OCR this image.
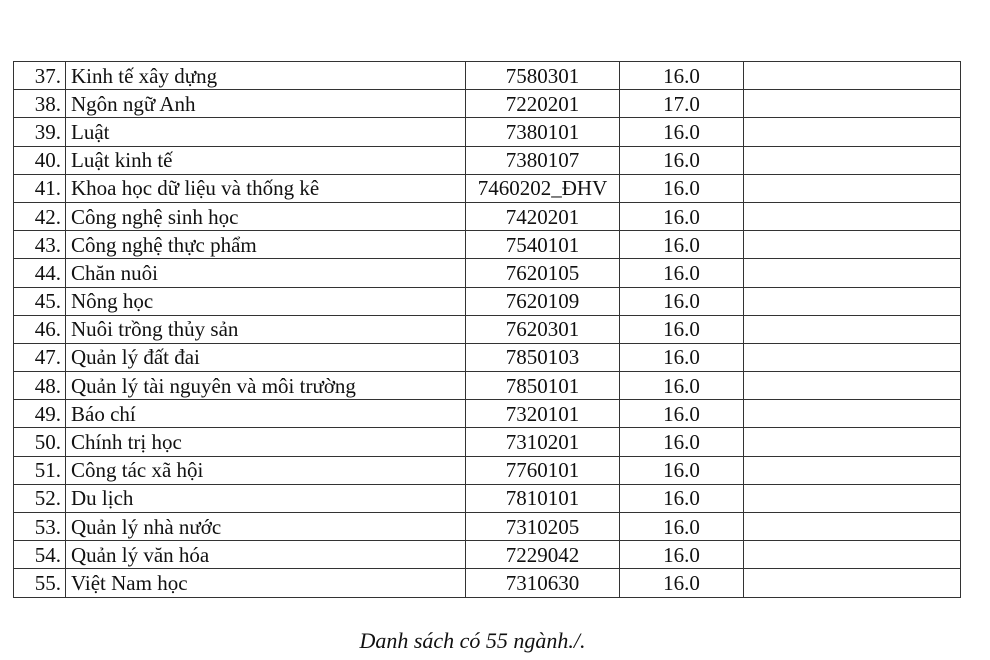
37.	Kinh tế xây dựng	7580301	16.0	
38.	Ngôn ngữ Anh	7220201	17.0	
39.	Luật	7380101	16.0	
40.	Luật kinh tế	7380107	16.0	
41.	Khoa học dữ liệu và thống kê	7460202_ĐHV	16.0	
42.	Công nghệ sinh học	7420201	16.0	
43.	Công nghệ thực phẩm	7540101	16.0	
44.	Chăn nuôi	7620105	16.0	
45.	Nông học	7620109	16.0	
46.	Nuôi trồng thủy sản	7620301	16.0	
47.	Quản lý đất đai	7850103	16.0	
48.	Quản lý tài nguyên và môi trường	7850101	16.0	
49.	Báo chí	7320101	16.0	
50.	Chính trị học	7310201	16.0	
51.	Công tác xã hội	7760101	16.0	
52.	Du lịch	7810101	16.0	
53.	Quản lý nhà nước	7310205	16.0	
54.	Quản lý văn hóa	7229042	16.0	
55.	Việt Nam học	7310630	16.0	
Danh sách có 55 ngành./.
